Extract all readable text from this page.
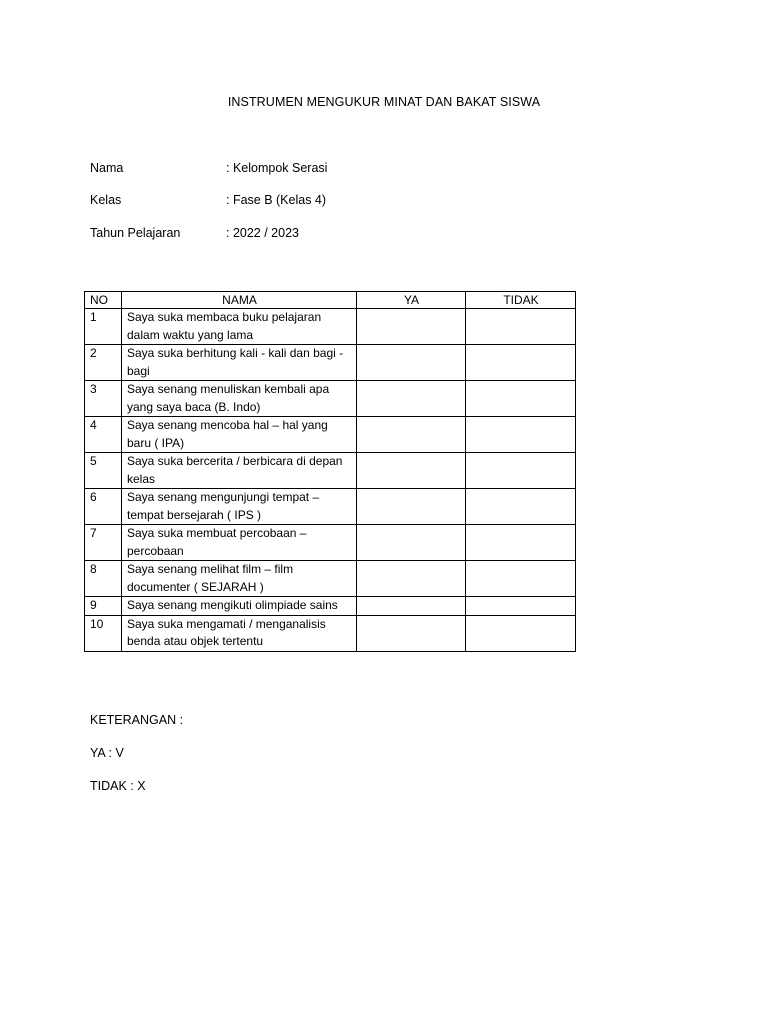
INSTRUMEN MENGUKUR MINAT DAN BAKAT SISWA
Nama	: Kelompok Serasi
Kelas	: Fase B (Kelas 4)
Tahun Pelajaran	: 2022 / 2023
NO	NAMA	YA	TIDAK
1	Saya suka membaca buku pelajaran dalam waktu yang lama		
2	Saya suka berhitung kali - kali dan bagi - bagi		
3	Saya senang menuliskan kembali apa yang saya baca (B. Indo)		
4	Saya senang mencoba hal – hal yang baru ( IPA)		
5	Saya suka bercerita / berbicara di depan kelas		
6	Saya senang mengunjungi tempat – tempat bersejarah ( IPS )		
7	Saya suka membuat percobaan – percobaan		
8	Saya senang melihat film – film documenter ( SEJARAH )		
9	Saya senang mengikuti olimpiade sains		
10	Saya suka mengamati / menganalisis benda atau objek tertentu		
KETERANGAN :
YA : V
TIDAK : X
